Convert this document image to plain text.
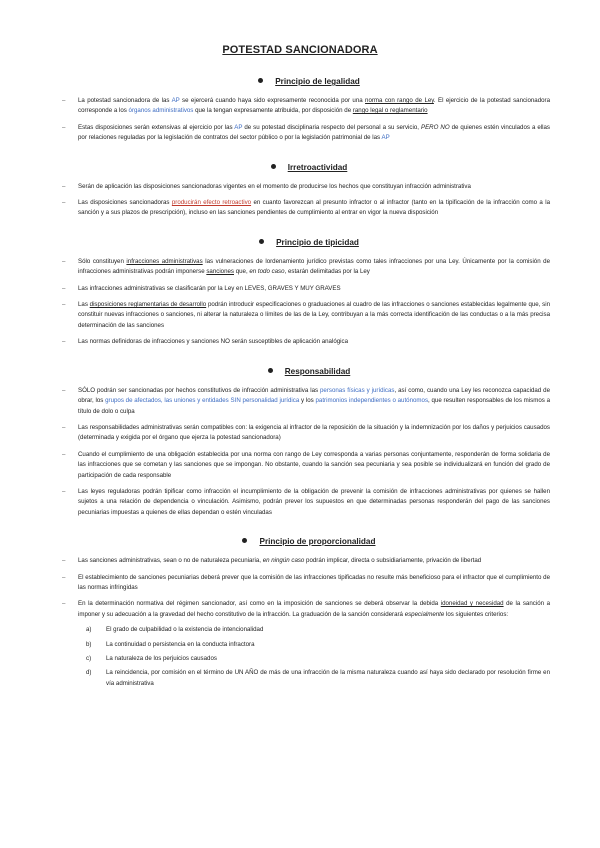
POTESTAD SANCIONADORA
Principio de legalidad
– La potestad sancionadora de las AP se ejercerá cuando haya sido expresamente reconocida por una norma con rango de Ley. El ejercicio de la potestad sancionadora corresponde a los órganos administrativos que la tengan expresamente atribuida, por disposición de rango legal o reglamentario
– Estas disposiciones serán extensivas al ejercicio por las AP de su potestad disciplinaria respecto del personal a su servicio, PERO NO de quienes estén vinculados a ellas por relaciones reguladas por la legislación de contratos del sector público o por la legislación patrimonial de las AP
Irretroactividad
– Serán de aplicación las disposiciones sancionadoras vigentes en el momento de producirse los hechos que constituyan infracción administrativa
– Las disposiciones sancionadoras producirán efecto retroactivo en cuanto favorezcan al presunto infractor o al infractor (tanto en la tipificación de la infracción como a la sanción y a sus plazos de prescripción), incluso en las sanciones pendientes de cumplimiento al entrar en vigor la nueva disposición
Principio de tipicidad
– Sólo constituyen infracciones administrativas las vulneraciones de lordenamiento jurídico previstas como tales infracciones por una Ley. Únicamente por la comisión de infracciones administrativas podrán imponerse sanciones que, en todo caso, estarán delimitadas por la Ley
– Las infracciones administrativas se clasificarán por la Ley en LEVES, GRAVES Y MUY GRAVES
– Las disposiciones reglamentarias de desarrollo podrán introducir especificaciones o graduaciones al cuadro de las infracciones o sanciones establecidas legalmente que, sin constituir nuevas infracciones o sanciones, ni alterar la naturaleza o límites de las de la Ley, contribuyan a la más correcta identificación de las conductas o a la más precisa determinación de las sanciones
– Las normas definidoras de infracciones y sanciones NO serán susceptibles de aplicación analógica
Responsabilidad
– SÓLO podrán ser sancionadas por hechos constitutivos de infracción administrativa las personas físicas y jurídicas, así como, cuando una Ley les reconozca capacidad de obrar, los grupos de afectados, las uniones y entidades SIN personalidad jurídica y los patrimonios independientes o autónomos, que resulten responsables de los mismos a título de dolo o culpa
– Las responsabilidades administrativas serán compatibles con: la exigencia al infractor de la reposición de la situación y la indemnización por los daños y perjuicios causados (determinada y exigida por el órgano que ejerza la potestad sancionadora)
– Cuando el cumplimiento de una obligación establecida por una norma con rango de Ley corresponda a varias personas conjuntamente, responderán de forma solidaria de las infracciones que se cometan y las sanciones que se impongan. No obstante, cuando la sanción sea pecuniaria y sea posible se individualizará en función del grado de participación de cada responsable
– Las leyes reguladoras podrán tipificar como infracción el incumplimiento de la obligación de prevenir la comisión de infracciones administrativas por quienes se hallen sujetos a una relación de dependencia o vinculación. Asimismo, podrán prever los supuestos en que determinadas personas responderán del pago de las sanciones pecuniarias impuestas a quienes de ellas dependan o estén vinculadas
Principio de proporcionalidad
– Las sanciones administrativas, sean o no de naturaleza pecuniaria, en ningún caso podrán implicar, directa o subsidiariamente, privación de libertad
– El establecimiento de sanciones pecuniarias deberá prever que la comisión de las infracciones tipificadas no resulte más beneficioso para el infractor que el cumplimiento de las normas infringidas
– En la determinación normativa del régimen sancionador, así como en la imposición de sanciones se deberá observar la debida idoneidad y necesidad de la sanción a imponer y su adecuación a la gravedad del hecho constitutivo de la infracción. La graduación de la sanción considerará especialmente los siguientes criterios:
a) El grado de culpabilidad o la existencia de intencionalidad
b) La continuidad o persistencia en la conducta infractora
c) La naturaleza de los perjuicios causados
d) La reincidencia, por comisión en el término de UN AÑO de más de una infracción de la misma naturaleza cuando así haya sido declarado por resolución firme en vía administrativa
